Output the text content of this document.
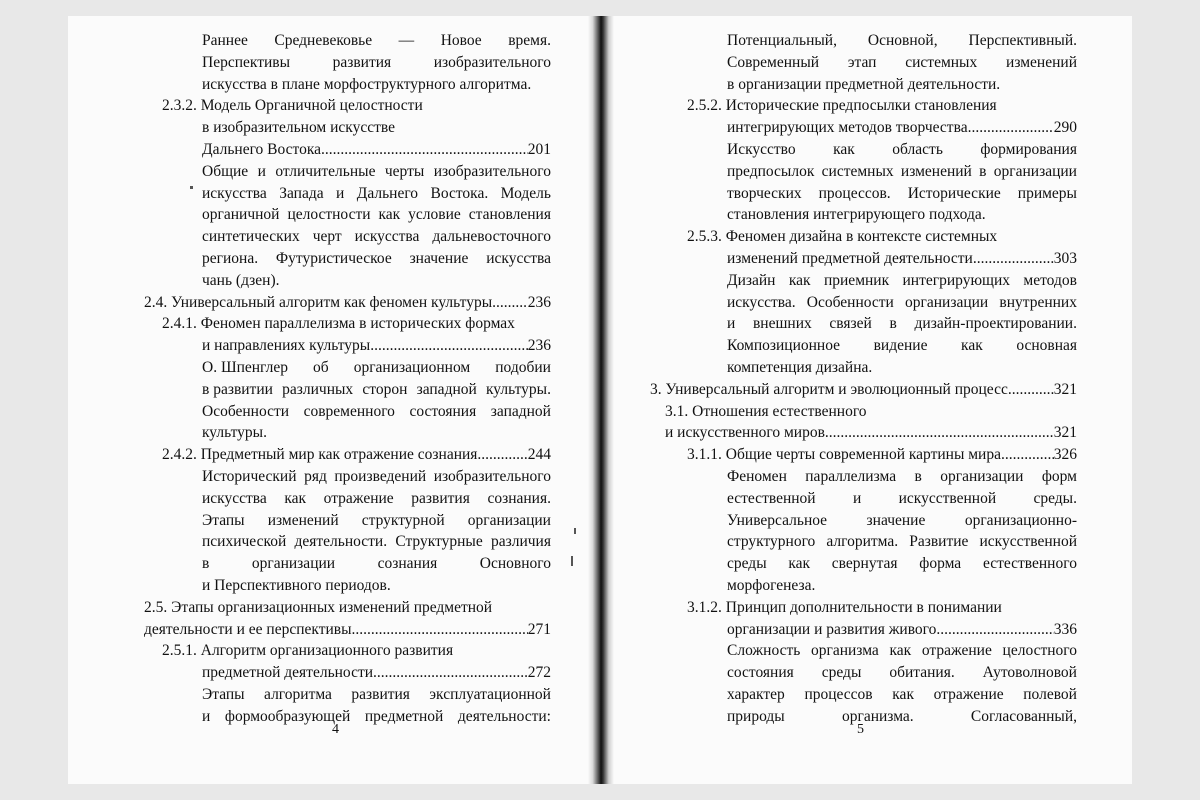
Раннее Средневековье — Новое время.
Перспективы	развития	изобразительного
искусства в плане морфоструктурного алгоритма.
2.3.2. Модель Органичной целостности
в изобразительном искусстве
Дальнего Востока .....	201
Общие и отличительные черты изобразительного
искусства Запада и Дальнего Востока. Модель
органичной целостности как условие становления
синтетических черт искусства дальневосточного
региона. Футуристическое значение искусства
чань (дзен).
2.4. Универсальный алгоритм как феномен культуры ..... 236
2.4.1. Феномен параллелизма в исторических формах
и направлениях культуры .....	236
О. Шпенглер об организационном подобии
в развитии различных сторон западной культуры.
Особенности современного состояния западной
культуры.
2.4.2. Предметный мир как отражение сознания .....	244
Исторический ряд произведений изобразительного
искусства как отражение развития сознания.
Этапы изменений структурной организации
психической деятельности. Структурные различия
в	организации	сознания	Основного
и Перспективного периодов.
2.5. Этапы организационных изменений предметной
деятельности и ее перспективы .....	271
2.5.1. Алгоритм организационного развития
предметной деятельности .....	272
Этапы алгоритма развития эксплуатационной
и формообразующей предметной деятельности:
Потенциальный, Основной, Перспективный.
Современный этап системных изменений
в организации предметной деятельности.
2.5.2. Исторические предпосылки становления
интегрирующих методов творчества .....	290
Искусство как область формирования
предпосылок системных изменений в организации
творческих процессов. Исторические примеры
становления интегрирующего подхода.
2.5.3. Феномен дизайна в контексте системных
изменений предметной деятельности .....	303
Дизайн как приемник интегрирующих методов
искусства. Особенности организации внутренних
и внешних связей в дизайн-проектировании.
Композиционное видение как основная
компетенция дизайна.
3. Универсальный алгоритм и эволюционный процесс .....	321
3.1. Отношения естественного
и искусственного миров .....	321
3.1.1. Общие черты современной картины мира .....	326
Феномен параллелизма в организации форм
естественной и искусственной среды.
Универсальное	значение	организационно-
структурного алгоритма. Развитие искусственной
среды как свернутая форма естественного
морфогенеза.
3.1.2. Принцип дополнительности в понимании
организации и развития живого .....	336
Сложность организма как отражение целостного
состояния среды обитания. Аутоволновой
характер процессов как отражение полевой
природы	организма.	Согласованный,
4	5
